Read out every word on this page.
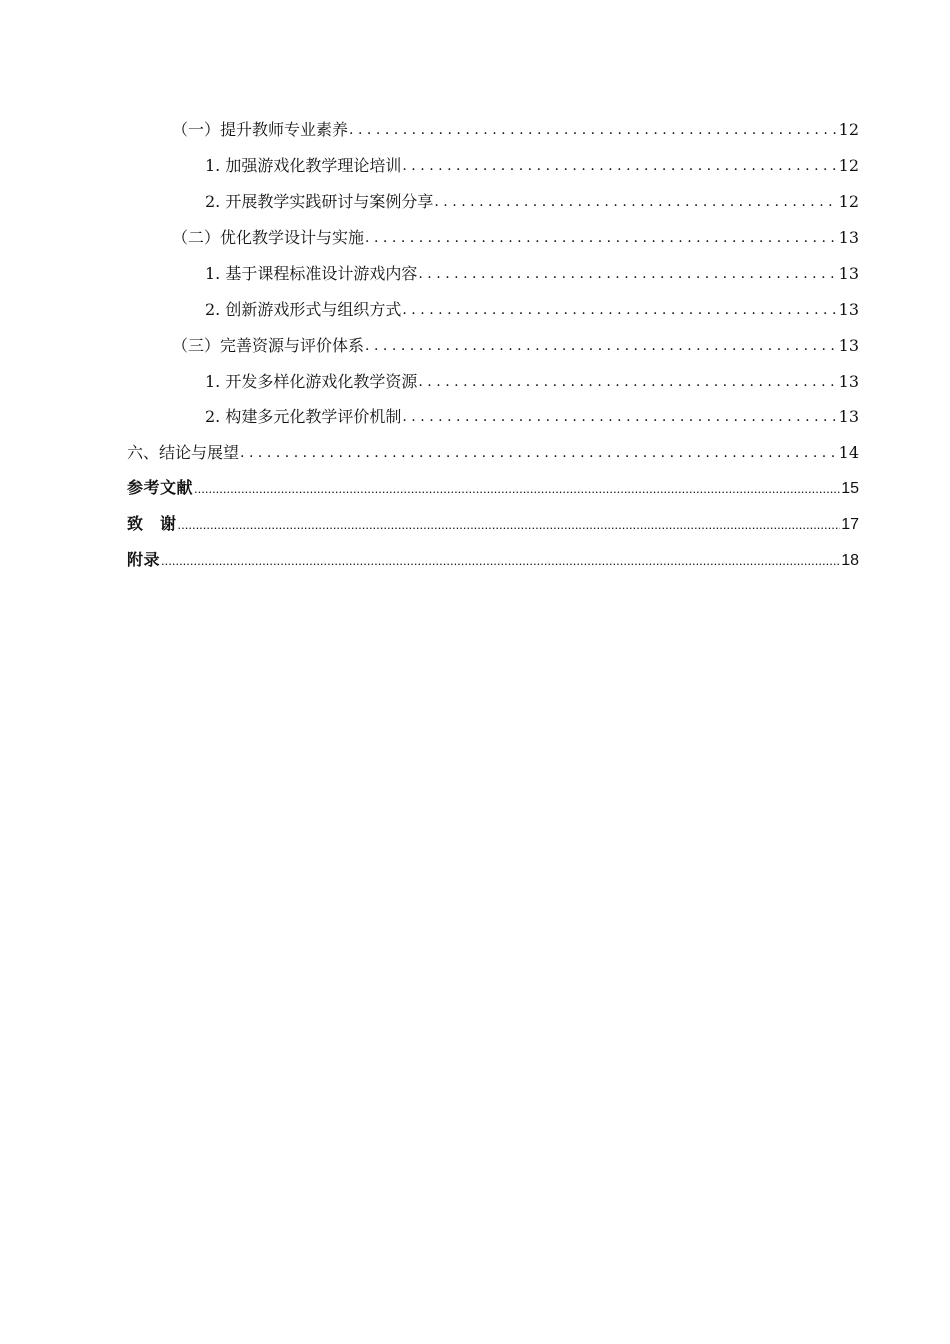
（一）提升教师专业素养 .....	12
1. 加强游戏化教学理论培训 .....	12
2. 开展教学实践研讨与案例分享 .....	12
（二）优化教学设计与实施 .....	13
1. 基于课程标准设计游戏内容 .....	13
2. 创新游戏形式与组织方式 .....	13
（三）完善资源与评价体系 .....	13
1. 开发多样化游戏化教学资源 .....	13
2. 构建多元化教学评价机制 .....	13
六、结论与展望 .....	14
参考文献 .....	15
致　谢 .....	17
附录 .....	18
